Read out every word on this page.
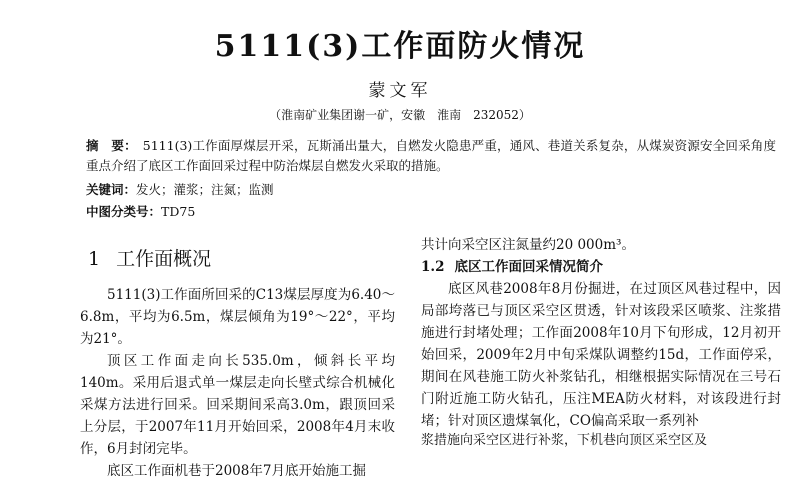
5111(3)工作面防火情况
蒙文军
（淮南矿业集团谢一矿，安徽　淮南　232052）
摘　要： 5111(3)工作面厚煤层开采，瓦斯涌出量大，自燃发火隐患严重，通风、巷道关系复杂，从煤炭资源安全回采角度重点介绍了底区工作面回采过程中防治煤层自燃发火采取的措施。
关键词：发火；灌浆；注氮；监测
中图分类号：TD75
1 工作面概况

5111(3)工作面所回采的C13煤层厚度为6.40～6.8m，平均为6.5m，煤层倾角为19°～22°，平均为21°。

顶区工作面走向长535.0m，倾斜长平均140m。采用后退式单一煤层走向长壁式综合机械化采煤方法进行回采。回采期间采高3.0m，跟顶回采上分层，于2007年11月开始回采，2008年4月末收作，6月封闭完毕。

底区工作面机巷于2008年7月底开始施工掘

共计向采空区注氮量约20 000m³。

1.2 底区工作面回采情况简介

底区风巷2008年8月份掘进，在过顶区风巷过程中，因局部垮落已与顶区采空区贯透，针对该段采区喷浆、注浆措施进行封堵处理；工作面2008年10月下旬形成，12月初开始回采，2009年2月中旬采煤队调整约15d，工作面停采，期间在风巷施工防火补浆钻孔，相继根据实际情况在三号石门附近施工防火钻孔，压注MEA防火材料，对该段进行封堵；针对顶区遗煤氧化，CO偏高采取一系列补

浆措施向采空区进行补浆，下机巷向顶区采空区及
